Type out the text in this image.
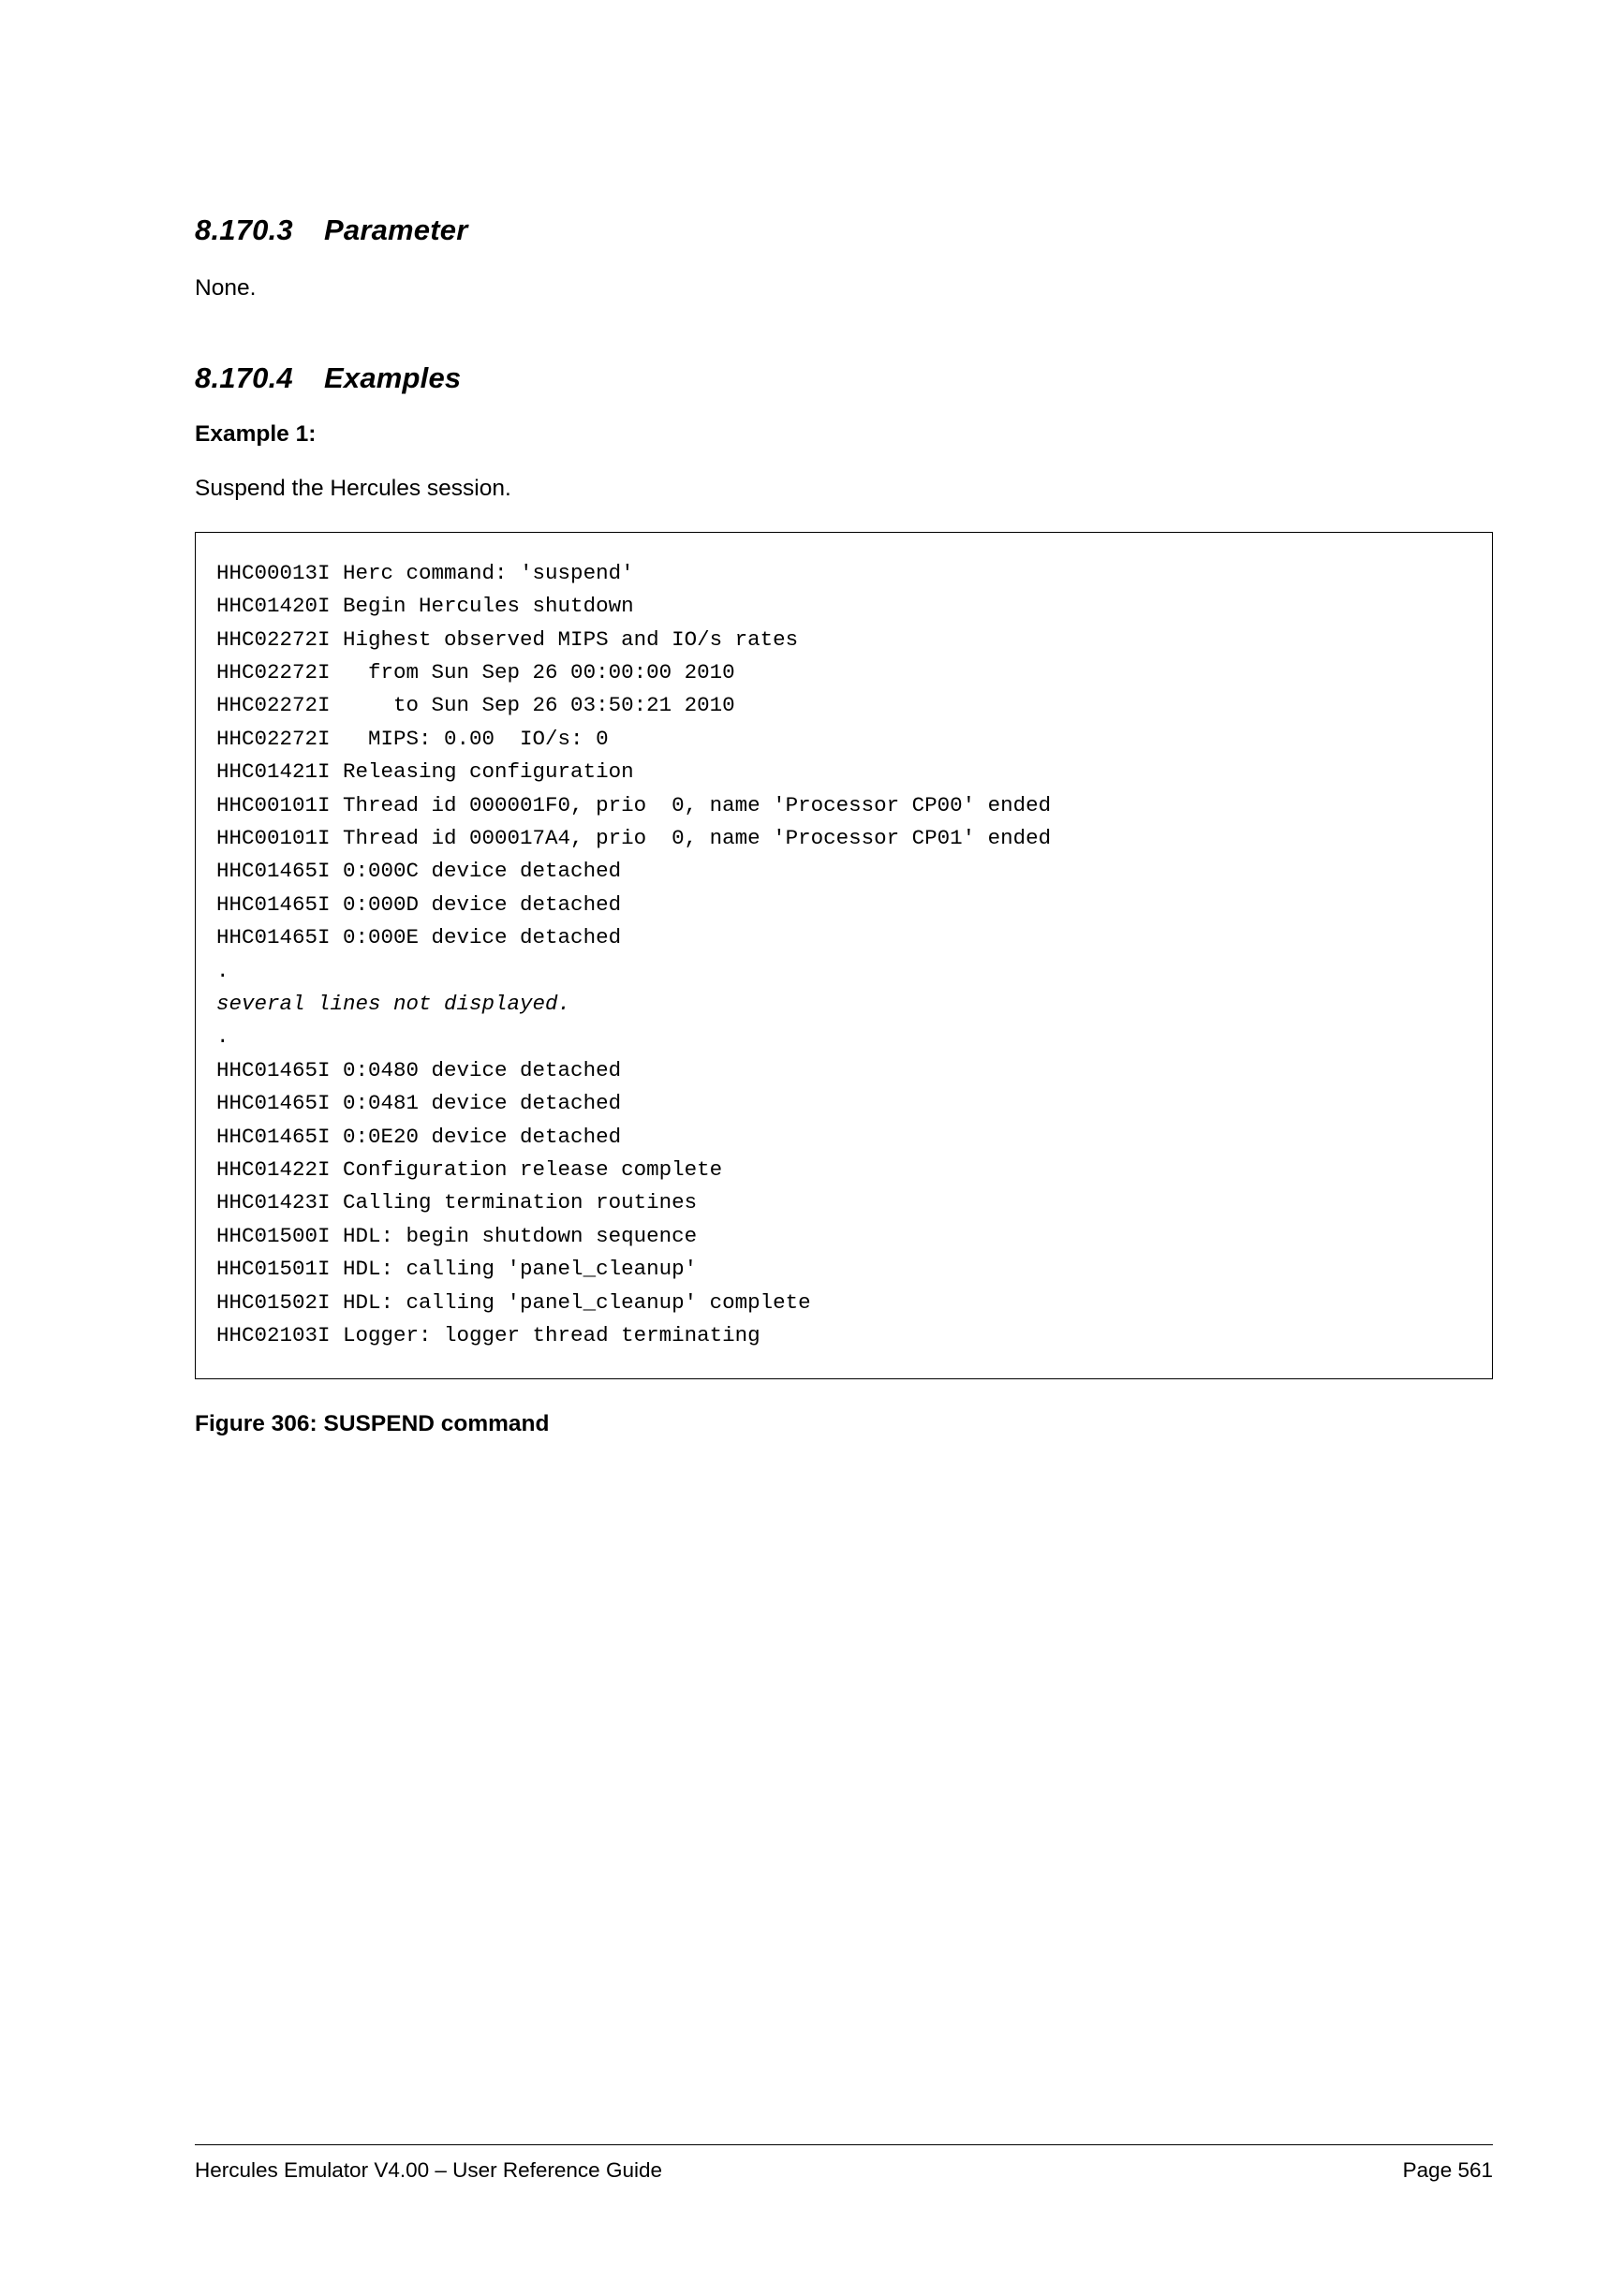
8.170.3 Parameter

None.

8.170.4 Examples

Example 1:

Suspend the Hercules session.

HHC00013I Herc command: 'suspend'
HHC01420I Begin Hercules shutdown
HHC02272I Highest observed MIPS and IO/s rates
HHC02272I   from Sun Sep 26 00:00:00 2010
HHC02272I     to Sun Sep 26 03:50:21 2010
HHC02272I   MIPS: 0.00  IO/s: 0
HHC01421I Releasing configuration
HHC00101I Thread id 000001F0, prio  0, name 'Processor CP00' ended
HHC00101I Thread id 000017A4, prio  0, name 'Processor CP01' ended
HHC01465I 0:000C device detached
HHC01465I 0:000D device detached
HHC01465I 0:000E device detached
.
several lines not displayed.
.
HHC01465I 0:0480 device detached
HHC01465I 0:0481 device detached
HHC01465I 0:0E20 device detached
HHC01422I Configuration release complete
HHC01423I Calling termination routines
HHC01500I HDL: begin shutdown sequence
HHC01501I HDL: calling 'panel_cleanup'
HHC01502I HDL: calling 'panel_cleanup' complete
HHC02103I Logger: logger thread terminating

Figure 306: SUSPEND command

Hercules Emulator V4.00 – User Reference Guide	Page 561
